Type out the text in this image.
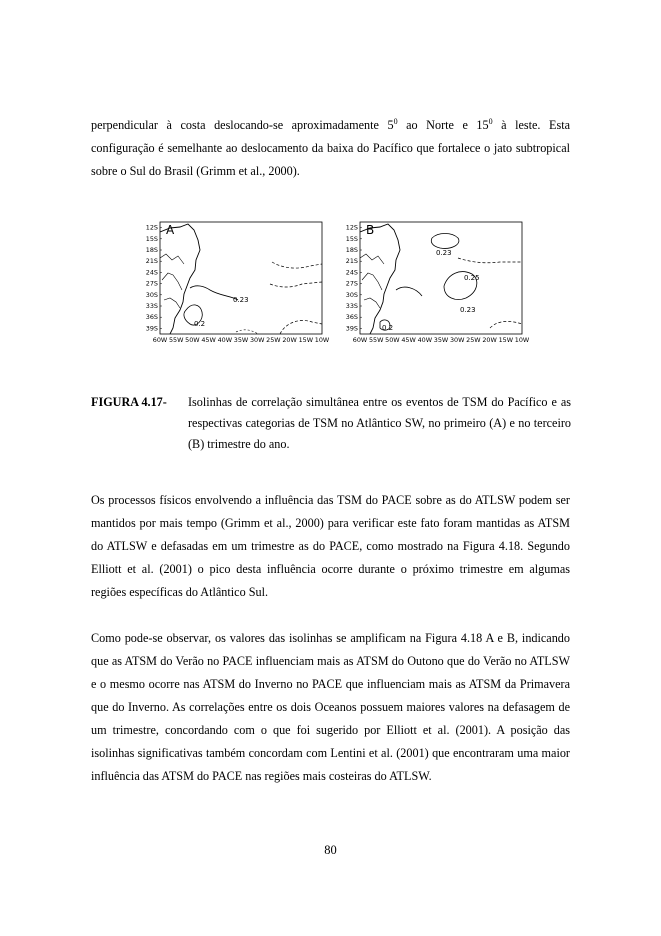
perpendicular à costa deslocando-se aproximadamente $5^0$ ao Norte e $15^0$ à leste. Esta configuração é semelhante ao deslocamento da baixa do Pacífico que fortalece o jato subtropical sobre o Sul do Brasil (Grimm et al., 2000).

12S
15S
18S
21S
24S
27S
30S
33S
36S
39S
60W 55W 50W 45W 40W 35W 30W 25W 20W 15W 10W
A
0.23
0.2
12S
15S
18S
21S
24S
27S
30S
33S
36S
39S
60W 55W 50W 45W 40W 35W 30W 25W 20W 15W 10W
B
0.23
0.25
0.23
0.2
FIGURA 4.17- Isolinhas de correlação simultânea entre os eventos de TSM do Pacífico e as respectivas categorias de TSM no Atlântico SW, no primeiro (A) e no terceiro (B) trimestre do ano.

Os processos físicos envolvendo a influência das TSM do PACE sobre as do ATLSW podem ser mantidos por mais tempo (Grimm et al., 2000) para verificar este fato foram mantidas as ATSM do ATLSW e defasadas em um trimestre as do PACE, como mostrado na Figura 4.18. Segundo Elliott et al. (2001) o pico desta influência ocorre durante o próximo trimestre em algumas regiões específicas do Atlântico Sul.

Como pode-se observar, os valores das isolinhas se amplificam na Figura 4.18 A e B, indicando que as ATSM do Verão no PACE influenciam mais as ATSM do Outono que do Verão no ATLSW e o mesmo ocorre nas ATSM do Inverno no PACE que influenciam mais as ATSM da Primavera que do Inverno. As correlações entre os dois Oceanos possuem maiores valores na defasagem de um trimestre, concordando com o que foi sugerido por Elliott et al. (2001). A posição das isolinhas significativas também concordam com Lentini et al. (2001) que encontraram uma maior influência das ATSM do PACE nas regiões mais costeiras do ATLSW.

80
